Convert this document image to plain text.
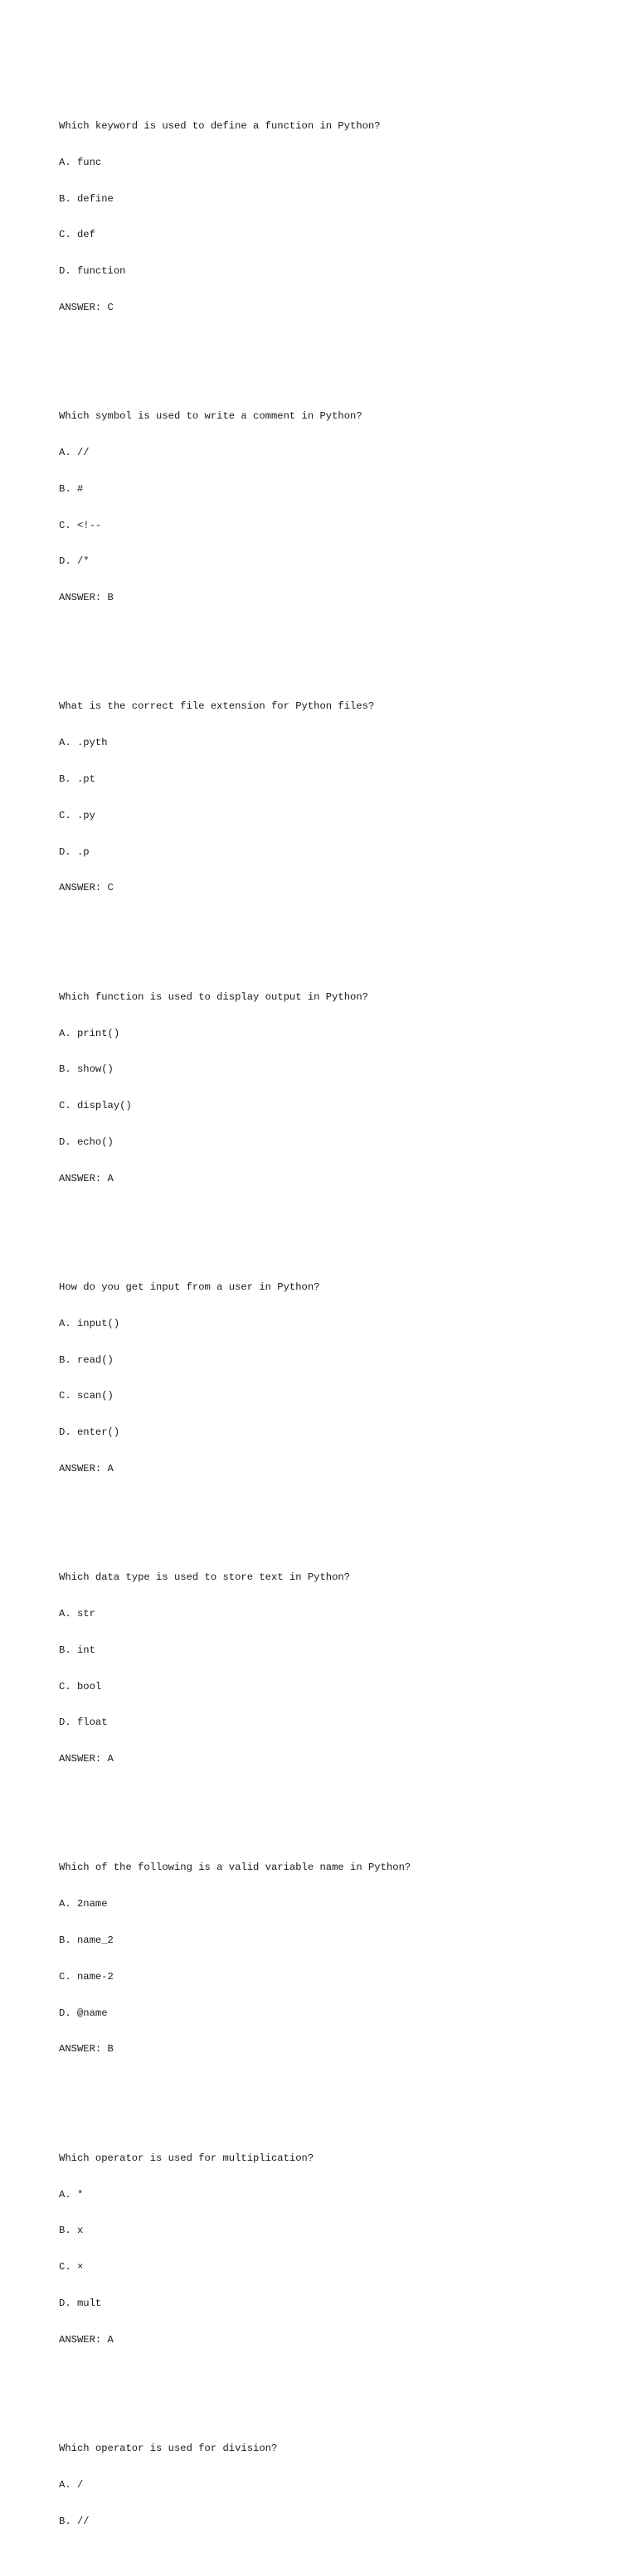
Which keyword is used to define a function in Python?

A. func

B. define

C. def

D. function

ANSWER: C

Which symbol is used to write a comment in Python?

A. //

B. #

C. <!--

D. /*

ANSWER: B

What is the correct file extension for Python files?

A. .pyth

B. .pt

C. .py

D. .p

ANSWER: C

Which function is used to display output in Python?

A. print()

B. show()

C. display()

D. echo()

ANSWER: A

How do you get input from a user in Python?

A. input()

B. read()

C. scan()

D. enter()

ANSWER: A

Which data type is used to store text in Python?

A. str

B. int

C. bool

D. float

ANSWER: A

Which of the following is a valid variable name in Python?

A. 2name

B. name_2

C. name-2

D. @name

ANSWER: B

Which operator is used for multiplication?

A. *

B. x

C. ×

D. mult

ANSWER: A

Which operator is used for division?

A. /

B. //
